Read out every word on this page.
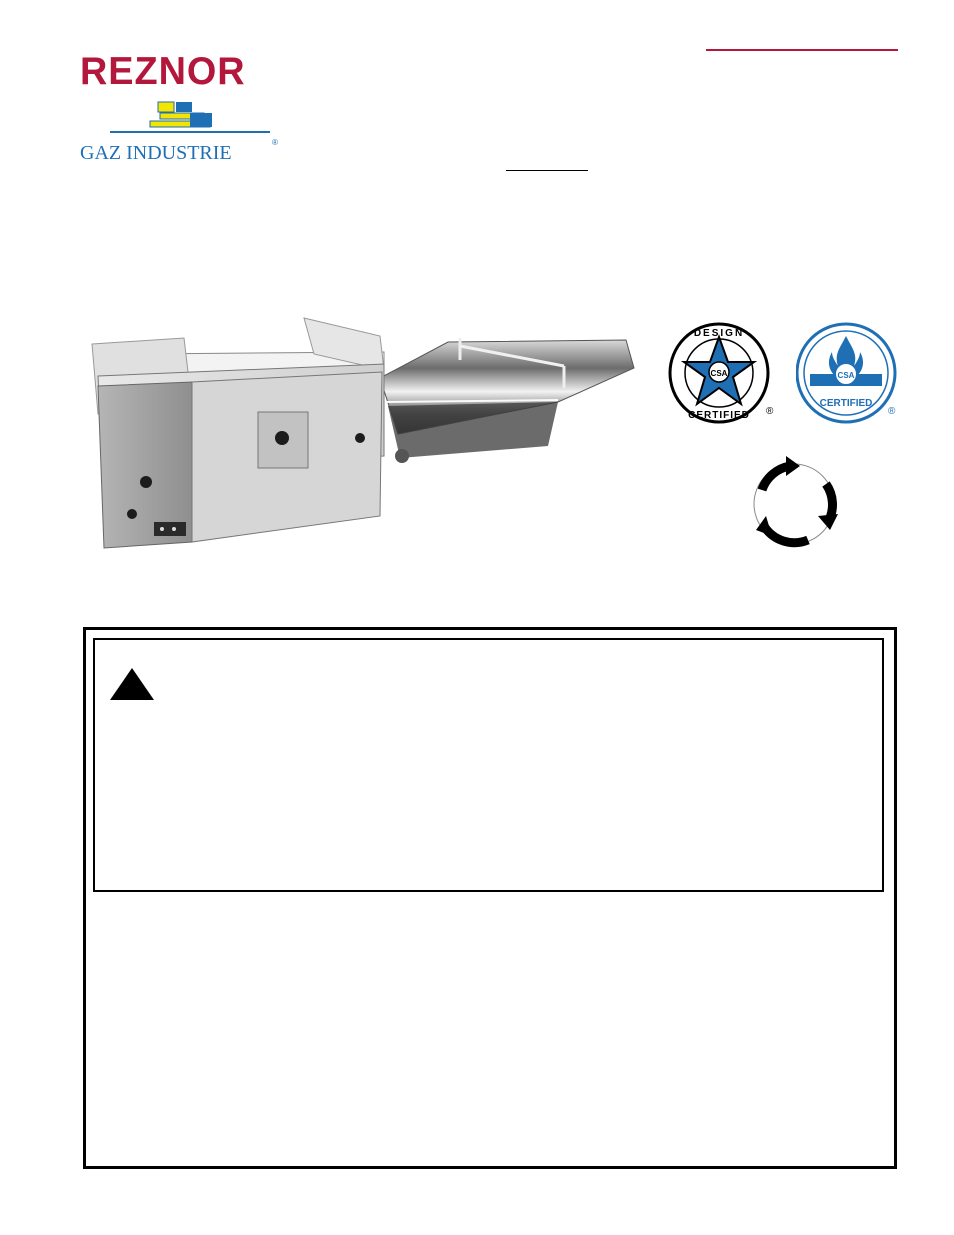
REZNOR
GAZ INDUSTRIE	®
CSA
DESIGN
CERTIFIED ®
CSA
CERTIFIED
®
